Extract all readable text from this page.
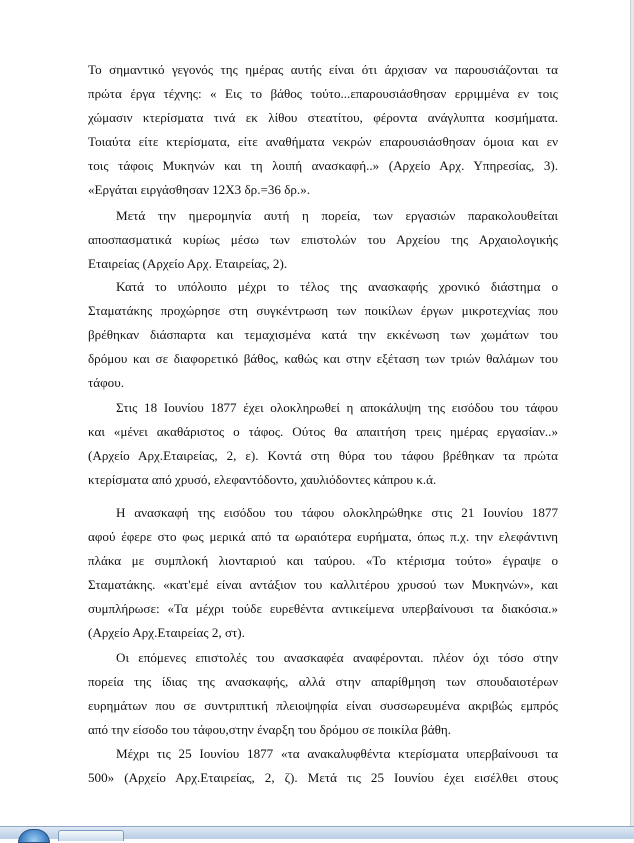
Το σημαντικό γεγονός της ημέρας αυτής είναι ότι άρχισαν να παρουσιάζονται τα
πρώτα έργα τέχνης: « Εις το βάθος τούτο...επαρουσιάσθησαν ερριμμένα εν τοις
χώμασιν κτερίσματα τινά εκ λίθου στεατίτου, φέροντα ανάγλυπτα κοσμήματα.
Τοιαύτα είτε κτερίσματα, είτε αναθήματα νεκρών επαρουσιάσθησαν όμοια και εν
τοις τάφοις Μυκηνών και τη λοιπή ανασκαφή..» (Αρχείο Αρχ. Υπηρεσίας, 3).
«Εργάται ειργάσθησαν 12Χ3 δρ.=36 δρ.».
Μετά την ημερομηνία αυτή η πορεία, των εργασιών παρακολουθείται
αποσπασματικά κυρίως μέσω των επιστολών του Αρχείου της Αρχαιολογικής
Εταιρείας (Αρχείο Αρχ. Εταιρείας, 2).
Κατά το υπόλοιπο μέχρι το τέλος της ανασκαφής χρονικό διάστημα ο
Σταματάκης προχώρησε στη συγκέντρωση των ποικίλων έργων μικροτεχνίας που
βρέθηκαν διάσπαρτα και τεμαχισμένα κατά την εκκένωση των χωμάτων του
δρόμου και σε διαφορετικό βάθος, καθώς και στην εξέταση των τριών θαλάμων του
τάφου.
Στις 18 Ιουνίου 1877 έχει ολοκληρωθεί η αποκάλυψη της εισόδου του τάφου
και «μένει ακαθάριστος ο τάφος. Ούτος θα απαιτήση τρεις ημέρας εργασίαν..»
(Αρχείο Αρχ.Εταιρείας, 2, ε). Κοντά στη θύρα του τάφου βρέθηκαν τα πρώτα
κτερίσματα από χρυσό, ελεφαντόδοντο, χαυλιόδοντες κάπρου κ.ά.
Η ανασκαφή της εισόδου του τάφου ολοκληρώθηκε στις 21 Ιουνίου 1877
αφού έφερε στο φως μερικά από τα ωραιότερα ευρήματα, όπως π.χ. την ελεφάντινη
πλάκα με συμπλοκή λιονταριού και ταύρου. «Το κτέρισμα τούτο» έγραψε ο
Σταματάκης. «κατ'εμέ είναι αντάξιον του καλλιτέρου χρυσού των Μυκηνών», και
συμπλήρωσε: «Τα μέχρι τούδε ευρεθέντα αντικείμενα υπερβαίνουσι τα διακόσια.»
(Αρχείο Αρχ.Εταιρείας 2, στ).
Οι επόμενες επιστολές του ανασκαφέα αναφέρονται. πλέον όχι τόσο στην
πορεία της ίδιας της ανασκαφής, αλλά στην απαρίθμηση των σπουδαιοτέρων
ευρημάτων που σε συντριπτική πλειοψηφία είναι συσσωρευμένα ακριβώς εμπρός
από την είσοδο του τάφου,στην έναρξη του δρόμου σε ποικίλα βάθη.
Μέχρι τις 25 Ιουνίου 1877 «τα ανακαλυφθέντα κτερίσματα υπερβαίνουσι τα
500» (Αρχείο Αρχ.Εταιρείας, 2, ζ). Μετά τις 25 Ιουνίου έχει εισέλθει στους
